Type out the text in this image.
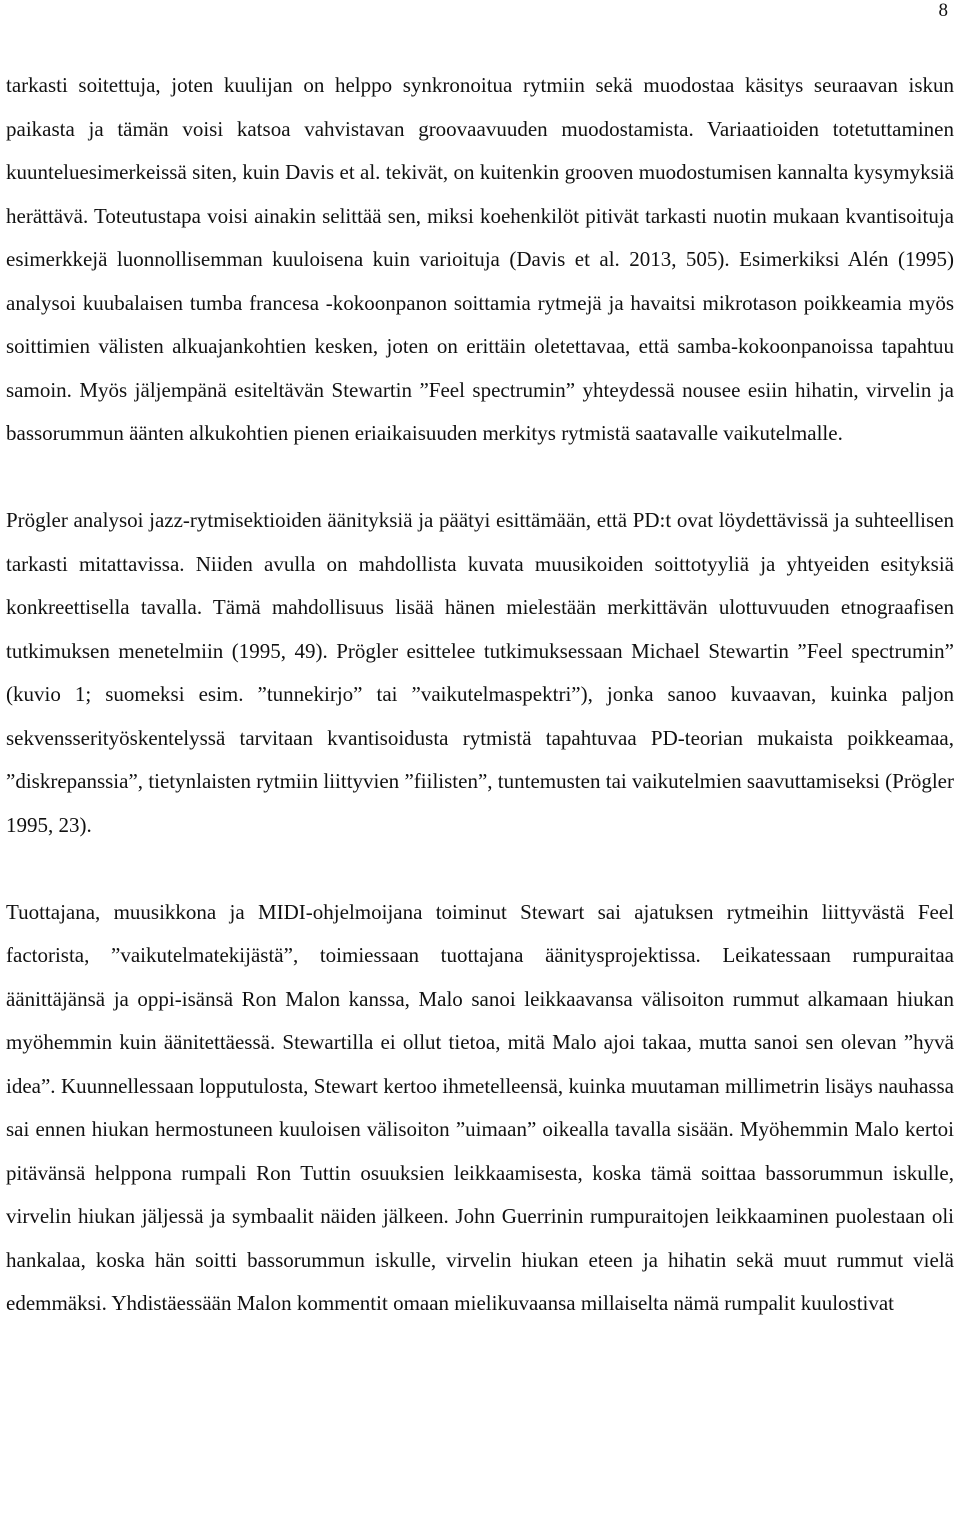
8

tarkasti soitettuja, joten kuulijan on helppo synkronoitua rytmiin sekä muodostaa käsitys seuraavan iskun paikasta ja tämän voisi katsoa vahvistavan groovaavuuden muodostamista. Variaatioiden totetuttaminen kuunteluesimerkeissä siten, kuin Davis et al. tekivät, on kuitenkin grooven muodostumisen kannalta kysymyksiä herättävä. Toteutustapa voisi ainakin selittää sen, miksi koehenkilöt pitivät tarkasti nuotin mukaan kvantisoituja esimerkkejä luonnollisemman kuuloisena kuin varioituja (Davis et al. 2013, 505). Esimerkiksi Alén (1995) analysoi kuubalaisen tumba francesa -kokoonpanon soittamia rytmejä ja havaitsi mikrotason poikkeamia myös soittimien välisten alkuajankohtien kesken, joten on erittäin oletettavaa, että samba-kokoonpanoissa tapahtuu samoin. Myös jäljempänä esiteltävän Stewartin ”Feel spectrumin” yhteydessä nousee esiin hihatin, virvelin ja bassorummun äänten alkukohtien pienen eriaikaisuuden merkitys rytmistä saatavalle vaikutelmalle.

Prögler analysoi jazz-rytmisektioiden äänityksiä ja päätyi esittämään, että PD:t ovat löydettävissä ja suhteellisen tarkasti mitattavissa. Niiden avulla on mahdollista kuvata muusikoiden soittotyyliä ja yhtyeiden esityksiä konkreettisella tavalla. Tämä mahdollisuus lisää hänen mielestään merkittävän ulottuvuuden etnograafisen tutkimuksen menetelmiin (1995, 49). Prögler esittelee tutkimuksessaan Michael Stewartin ”Feel spectrumin” (kuvio 1; suomeksi esim. ”tunnekirjo” tai ”vaikutelmaspektri”), jonka sanoo kuvaavan, kuinka paljon sekvensserityöskentelyssä tarvitaan kvantisoidusta rytmistä tapahtuvaa PD-teorian mukaista poikkeamaa, ”diskrepanssia”, tietynlaisten rytmiin liittyvien ”fiilisten”, tuntemusten tai vaikutelmien saavuttamiseksi (Prögler 1995, 23).

Tuottajana, muusikkona ja MIDI-ohjelmoijana toiminut Stewart sai ajatuksen rytmeihin liittyvästä Feel factorista, ”vaikutelmatekijästä”, toimiessaan tuottajana äänitysprojektissa. Leikatessaan rumpuraitaa äänittäjänsä ja oppi-isänsä Ron Malon kanssa, Malo sanoi leikkaavansa välisoiton rummut alkamaan hiukan myöhemmin kuin äänitettäessä. Stewartilla ei ollut tietoa, mitä Malo ajoi takaa, mutta sanoi sen olevan ”hyvä idea”. Kuunnellessaan lopputulosta, Stewart kertoo ihmetelleensä, kuinka muutaman millimetrin lisäys nauhassa sai ennen hiukan hermostuneen kuuloisen välisoiton ”uimaan” oikealla tavalla sisään. Myöhemmin Malo kertoi pitävänsä helppona rumpali Ron Tuttin osuuksien leikkaamisesta, koska tämä soittaa bassorummun iskulle, virvelin hiukan jäljessä ja symbaalit näiden jälkeen. John Guerrinin rumpuraitojen leikkaaminen puolestaan oli hankalaa, koska hän soitti bassorummun iskulle, virvelin hiukan eteen ja hihatin sekä muut rummut vielä edemmäksi. Yhdistäessään Malon kommentit omaan mielikuvaansa millaiselta nämä rumpalit kuulostivat
